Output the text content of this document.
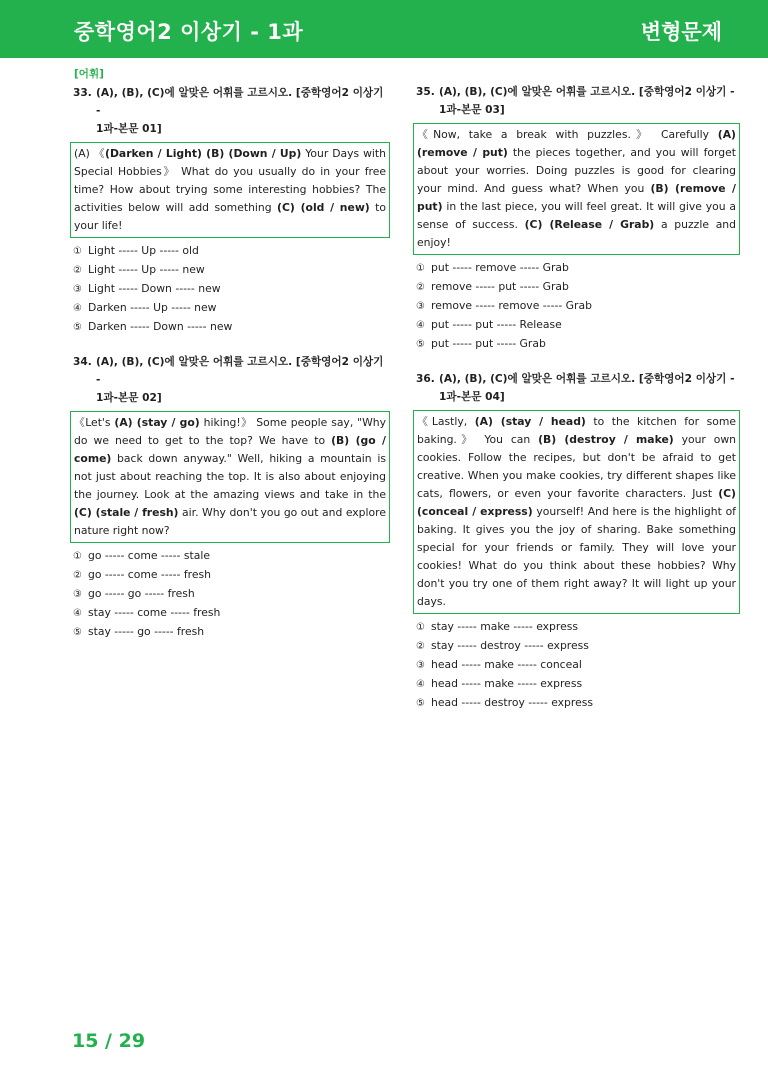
중학영어2 이상기 - 1과	변형문제
[어휘]
33. (A), (B), (C)에 알맞은 어휘를 고르시오. [중학영어2 이상기 -
1과-본문 01]
(A) 《(Darken / Light) (B) (Down / Up) Your Days with Special Hobbies》 What do you usually do in your free time? How about trying some interesting hobbies? The activities below will add something (C) (old / new) to your life!
① Light ----- Up ----- old
② Light ----- Up ----- new
③ Light ----- Down ----- new
④ Darken ----- Up ----- new
⑤ Darken ----- Down ----- new
34. (A), (B), (C)에 알맞은 어휘를 고르시오. [중학영어2 이상기 -
1과-본문 02]
《Let's (A) (stay / go) hiking!》 Some people say, "Why do we need to get to the top? We have to (B) (go / come) back down anyway." Well, hiking a mountain is not just about reaching the top. It is also about enjoying the journey. Look at the amazing views and take in the (C) (stale / fresh) air. Why don't you go out and explore nature right now?
① go ----- come ----- stale
② go ----- come ----- fresh
③ go ----- go ----- fresh
④ stay ----- come ----- fresh
⑤ stay ----- go ----- fresh
35. (A), (B), (C)에 알맞은 어휘를 고르시오. [중학영어2 이상기 -
1과-본문 03]
《Now, take a break with puzzles.》 Carefully (A) (remove / put) the pieces together, and you will forget about your worries. Doing puzzles is good for clearing your mind. And guess what? When you (B) (remove / put) in the last piece, you will feel great. It will give you a sense of success. (C) (Release / Grab) a puzzle and enjoy!
① put ----- remove ----- Grab
② remove ----- put ----- Grab
③ remove ----- remove ----- Grab
④ put ----- put ----- Release
⑤ put ----- put ----- Grab
36. (A), (B), (C)에 알맞은 어휘를 고르시오. [중학영어2 이상기 -
1과-본문 04]
《Lastly, (A) (stay / head) to the kitchen for some baking.》 You can (B) (destroy / make) your own cookies. Follow the recipes, but don't be afraid to get creative. When you make cookies, try different shapes like cats, flowers, or even your favorite characters. Just (C) (conceal / express) yourself! And here is the highlight of baking. It gives you the joy of sharing. Bake something special for your friends or family. They will love your cookies! What do you think about these hobbies? Why don't you try one of them right away? It will light up your days.
① stay ----- make ----- express
② stay ----- destroy ----- express
③ head ----- make ----- conceal
④ head ----- make ----- express
⑤ head ----- destroy ----- express
15 / 29
